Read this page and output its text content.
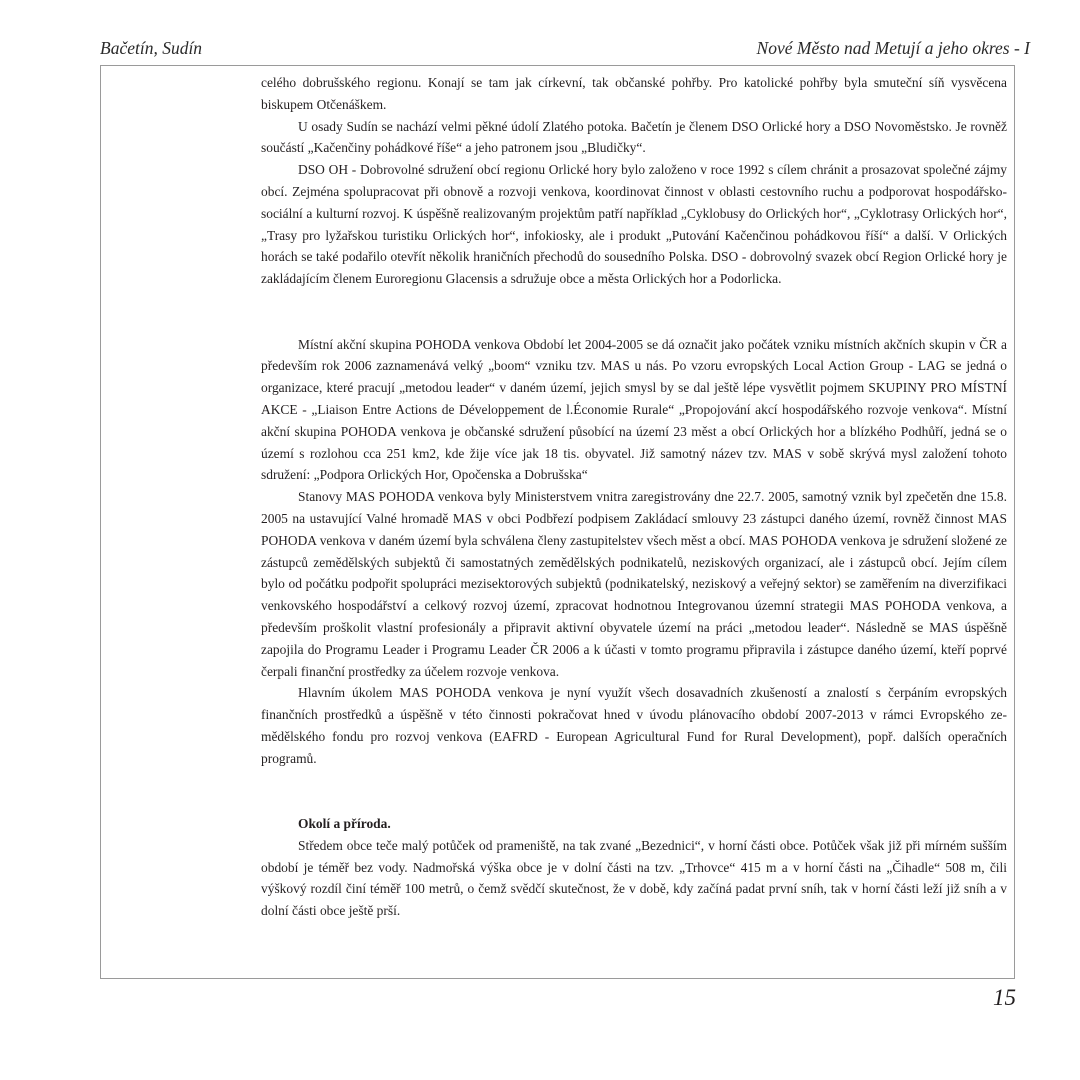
Bačetín, Sudín	Nové Město nad Metují a jeho okres - I

celého dobrušského regionu. Konají se tam jak církevní, tak občanské pohřby. Pro katolické pohřby byla smuteční síň vysvěcena biskupem Otčenáškem.

U osady Sudín se nachází velmi pěkné údolí Zlatého potoka. Bačetín je členem DSO Orlické hory a DSO Novoměstsko. Je rovněž součástí „Kačenčiny pohádkové říše“ a jeho patronem jsou „Bludičky“.

DSO OH - Dobrovolné sdružení obcí regionu Orlické hory bylo založeno v roce 1992 s cílem chránit a prosazovat společné zájmy obcí. Zejména spolupracovat při obnově a rozvoji venkova, koordinovat činnost v oblasti cestovního ruchu a podporovat hospodářsko-sociální a kulturní rozvoj. K úspěšně realizovaným projektům patří například „Cyklobusy do Orlických hor“, „Cyklotrasy Orlických hor“, „Trasy pro lyžařskou turistiku Orlických hor“, infokiosky, ale i produkt „Putování Kačenčinou pohádkovou říší“ a další. V Orlických horách se také podařilo otevřít několik hraničních přechodů do sousedního Polska. DSO - dobrovolný svazek obcí Region Orlické hory je zakládajícím členem Euroregionu Glacensis a sdružuje obce a města Orlických hor a Podorlicka.

Místní akční skupina POHODA venkova Období let 2004-2005 se dá označit jako počátek vzniku místních akčních skupin v ČR a především rok 2006 zaznamenává velký „boom“ vzniku tzv. MAS u nás. Po vzoru evropských Local Action Group - LAG se jedná o organizace, které pracují „metodou leader“ v daném území, jejich smysl by se dal ještě lépe vysvětlit pojmem SKUPINY PRO MÍSTNÍ AKCE - „Liaison Entre Actions de Développement de l.Économie Rurale“ „Propojování akcí hospodářského rozvoje venkova“. Místní akční skupina POHODA venkova je občanské sdružení působící na území 23 měst a obcí Orlických hor a blízkého Podhůří, jedná se o území s rozlohou cca 251 km2, kde žije více jak 18 tis. obyvatel. Již samotný název tzv. MAS v sobě skrývá mysl založení tohoto sdružení: „Podpora Orlických Hor, Opočenska a Dobrušska“

Stanovy MAS POHODA venkova byly Ministerstvem vnitra zaregistrovány dne 22.7. 2005, samotný vznik byl zpečetěn dne 15.8. 2005 na ustavující Valné hromadě MAS v obci Podbřezí podpisem Zakládací smlouvy 23 zástupci daného území, rovněž činnost MAS POHODA venkova v daném území byla schválena členy zastupitelstev všech měst a obcí. MAS POHODA venkova je sdružení složené ze zástupců zemědělských subjektů či samostatných zemědělských podnikatelů, neziskových organizací, ale i zástupců obcí. Jejím cílem bylo od počátku podpořit spolupráci mezisektorových subjektů (podnikatelský, neziskový a veřejný sektor) se zaměřením na diverzifikaci venkovského hospodářství a celkový rozvoj území, zpracovat hodnotnou Integrovanou územní strategii MAS POHODA venkova, a především proškolit vlastní profesionály a připravit aktivní obyvatele území na práci „metodou leader“. Následně se MAS úspěšně zapojila do Programu Leader i Programu Leader ČR 2006 a k účasti v tomto programu připravila i zástupce daného území, kteří poprvé čerpali finanční prostředky za účelem rozvoje venkova.

Hlavním úkolem MAS POHODA venkova je nyní využít všech dosavadních zkušeností a znalostí s čerpáním evropských finančních prostředků a úspěšně v této činnosti pokračovat hned v úvodu plánovacího období 2007-2013 v rámci Evropského zemědělského fondu pro rozvoj venkova (EAFRD - European Agricultural Fund for Rural Development), popř. dalších operačních programů.

Okolí a příroda.

Středem obce teče malý potůček od prameniště, na tak zvané „Bezednici“, v horní části obce. Potůček však již při mírném sušším období je téměř bez vody. Nadmořská výška obce je v dolní části na tzv. „Trhovce“ 415 m a v horní části na „Čihadle“ 508 m, čili výškový rozdíl činí téměř 100 metrů, o čemž svědčí skutečnost, že v době, kdy začíná padat první sníh, tak v horní části leží již sníh a v dolní části obce ještě prší.

15
